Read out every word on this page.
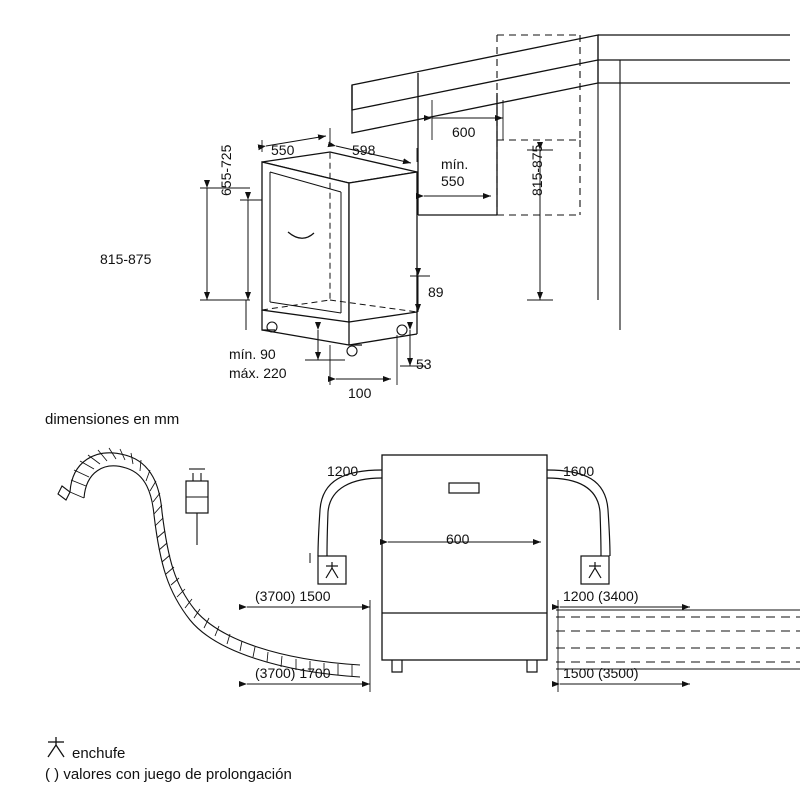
550	598
600
mín.
550	815-875
815-875
655-725
89
53
100
mín. 90
máx. 220
dimensiones en mm
1200	1600
600
(3700) 1500
(3700) 1700
1200 (3400)
1500 (3500)
enchufe
( ) valores con juego de prolongación
